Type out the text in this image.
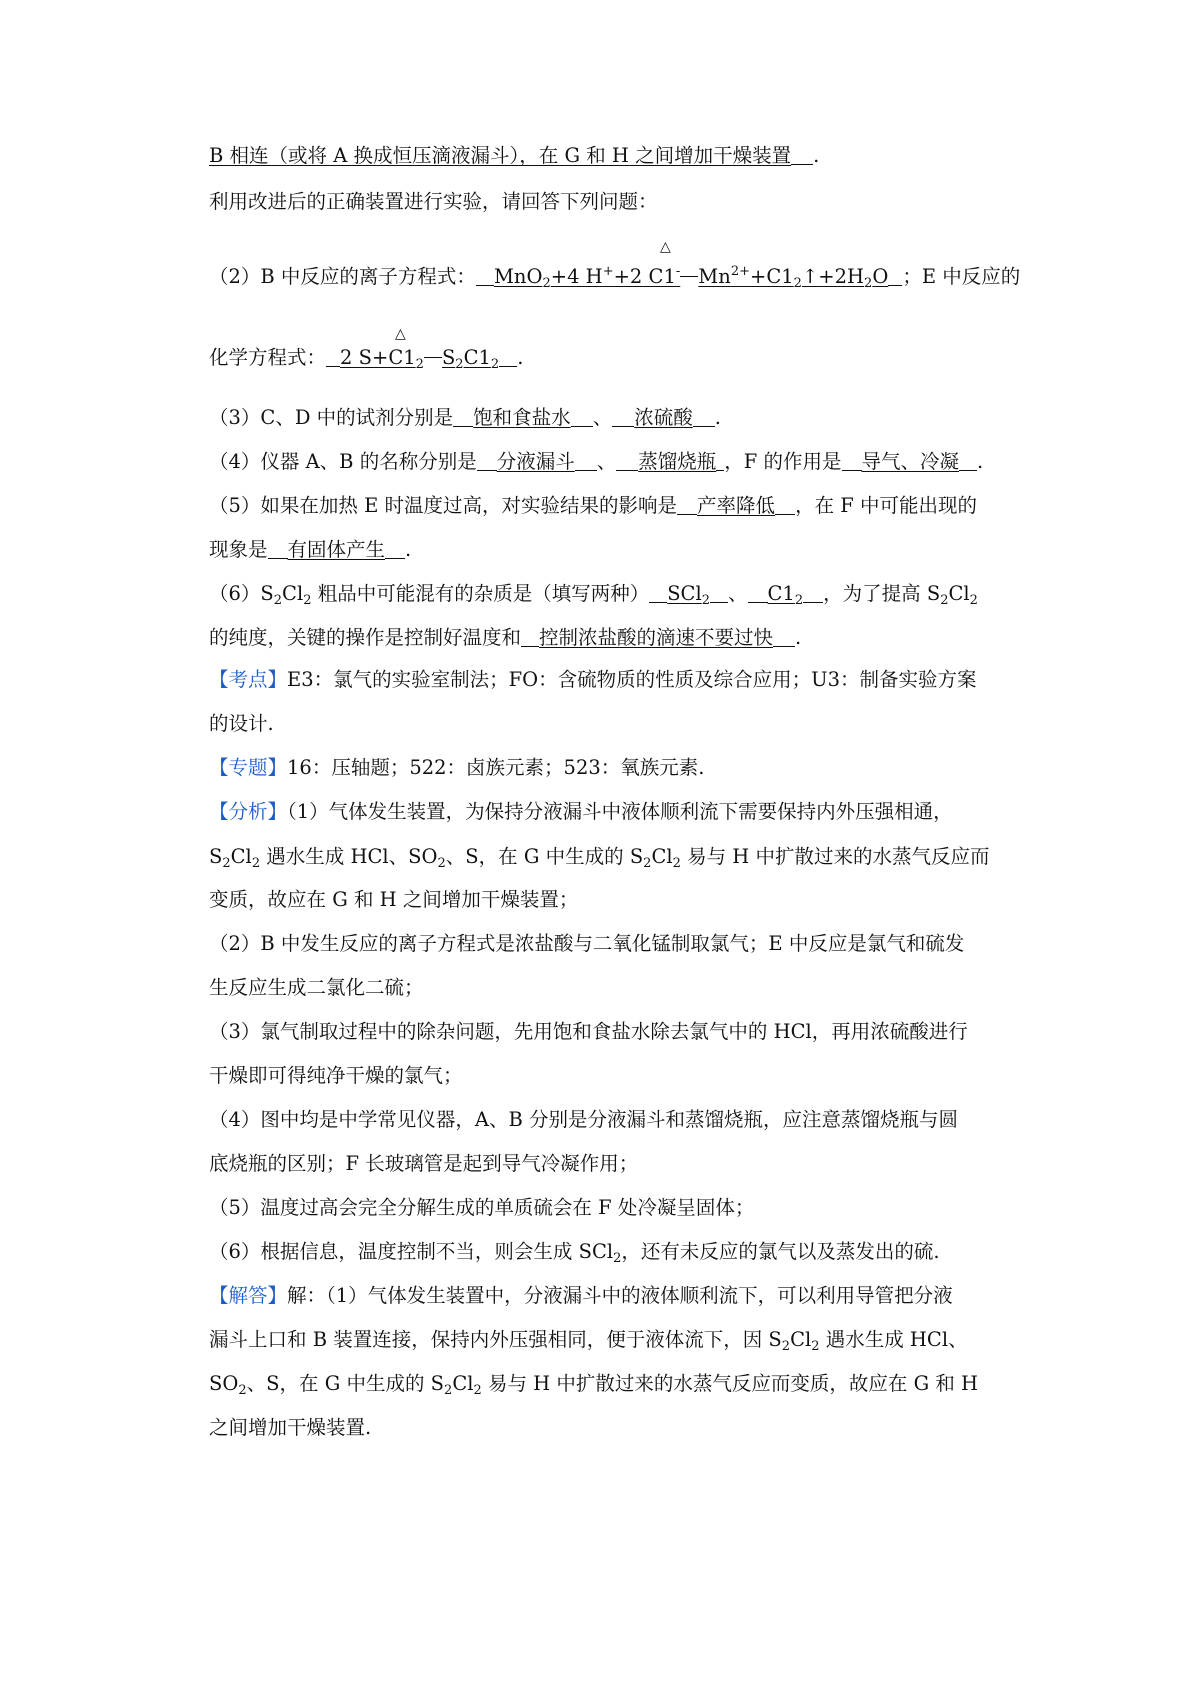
B 相连（或将 A 换成恒压滴液漏斗），在 G 和 H 之间增加干燥装置 .
利用改进后的正确装置进行实验，请回答下列问题：
△
（2）B 中反应的离子方程式： MnO$_2$+4 H++2 C1- $Mn^{2+}+C1_2↑+2H_2O$ ；E 中反应的
△
化学方程式： 2 $S+C1_2$ $S_2C1_2$ .
（3）C、D 中的试剂分别是 饱和食盐水 、 浓硫酸 .
（4）仪器 A、B 的名称分别是 分液漏斗 、 蒸馏烧瓶 ，F 的作用是 导气、冷凝 .
（5）如果在加热 E 时温度过高，对实验结果的影响是 产率降低 ，在 F 中可能出现的
现象是 有固体产生 .
$(6)S_2Cl_2$ 粗品中可能混有的杂质是（填写两种） SCl$_2$ 、 $C1_2$ ，为了提高 $S_2Cl_2$
的纯度，关键的操作是控制好温度和 控制浓盐酸的滴速不要过快 .
【考点】E3：氯气的实验室制法；FO：含硫物质的性质及综合应用；U3：制备实验方案
的设计.
【专题】16：压轴题；522：卤族元素；523：氧族元素.
【分析】（1）气体发生装置，为保持分液漏斗中液体顺利流下需要保持内外压强相通，
$S_2Cl_2$ 遇水生成 HCl、$SO_2$、S，在 G 中生成的 $S_2Cl_2$ 易与 H 中扩散过来的水蒸气反应而
变质，故应在 G 和 H 之间增加干燥装置；
（2）B 中发生反应的离子方程式是浓盐酸与二氧化锰制取氯气；E 中反应是氯气和硫发
生反应生成二氯化二硫；
（3）氯气制取过程中的除杂问题，先用饱和食盐水除去氯气中的 HCl，再用浓硫酸进行
干燥即可得纯净干燥的氯气；
（4）图中均是中学常见仪器，A、B 分别是分液漏斗和蒸馏烧瓶，应注意蒸馏烧瓶与圆
底烧瓶的区别；F 长玻璃管是起到导气冷凝作用；
（5）温度过高会完全分解生成的单质硫会在 F 处冷凝呈固体；
（6）根据信息，温度控制不当，则会生成 SCl$_2$，还有未反应的氯气以及蒸发出的硫.
【解答】解：（1）气体发生装置中，分液漏斗中的液体顺利流下，可以利用导管把分液
漏斗上口和 B 装置连接，保持内外压强相同，便于液体流下，因 $S_2Cl_2$ 遇水生成 HCl、
$SO_2$、S，在 G 中生成的 $S_2Cl_2$ 易与 H 中扩散过来的水蒸气反应而变质，故应在 G 和 H
之间增加干燥装置.
